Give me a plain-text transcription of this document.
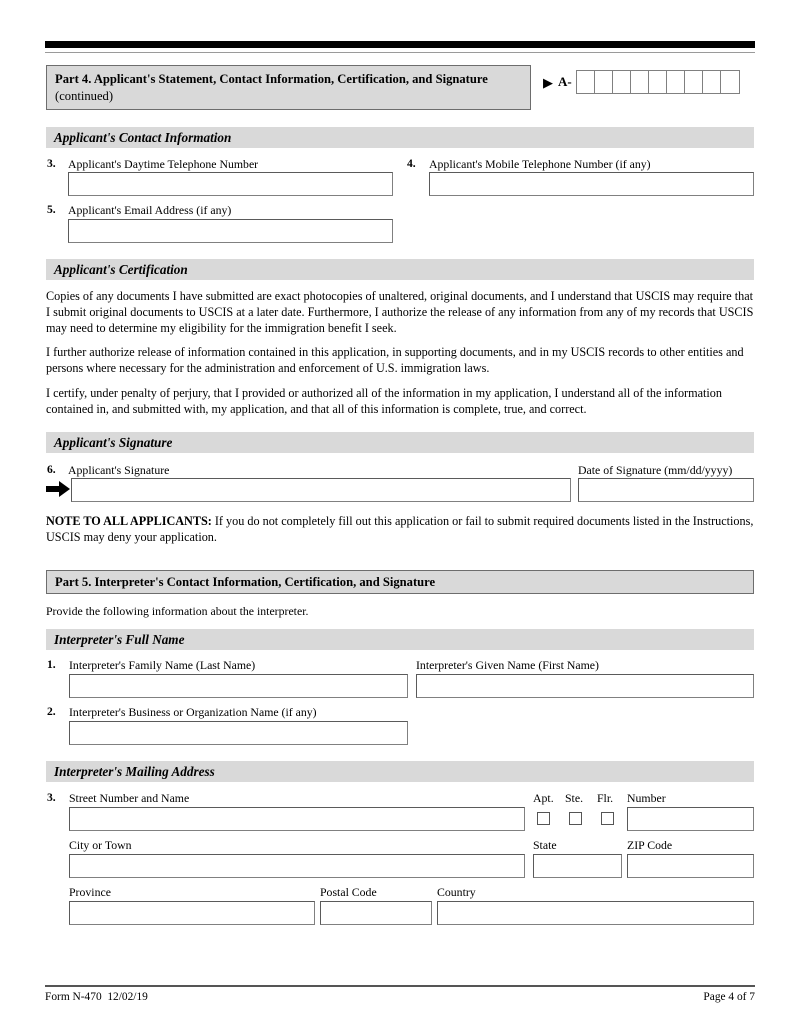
Part 4. Applicant's Statement, Contact Information, Certification, and Signature (continued)
▶ A-
Applicant's Contact Information
3. Applicant's Daytime Telephone Number	4. Applicant's Mobile Telephone Number (if any)
5. Applicant's Email Address (if any)
Applicant's Certification
Copies of any documents I have submitted are exact photocopies of unaltered, original documents, and I understand that USCIS may require that I submit original documents to USCIS at a later date. Furthermore, I authorize the release of any information from any of my records that USCIS may need to determine my eligibility for the immigration benefit I seek.
I further authorize release of information contained in this application, in supporting documents, and in my USCIS records to other entities and persons where necessary for the administration and enforcement of U.S. immigration laws.
I certify, under penalty of perjury, that I provided or authorized all of the information in my application, I understand all of the information contained in, and submitted with, my application, and that all of this information is complete, true, and correct.
Applicant's Signature
6. Applicant's Signature	Date of Signature (mm/dd/yyyy)
NOTE TO ALL APPLICANTS: If you do not completely fill out this application or fail to submit required documents listed in the Instructions, USCIS may deny your application.
Part 5. Interpreter's Contact Information, Certification, and Signature
Provide the following information about the interpreter.
Interpreter's Full Name
1. Interpreter's Family Name (Last Name)	Interpreter's Given Name (First Name)
2. Interpreter's Business or Organization Name (if any)
Interpreter's Mailing Address
3. Street Number and Name	Apt. Ste. Flr. Number
City or Town	State	ZIP Code
Province	Postal Code	Country
Form N-470 12/02/19	Page 4 of 7
